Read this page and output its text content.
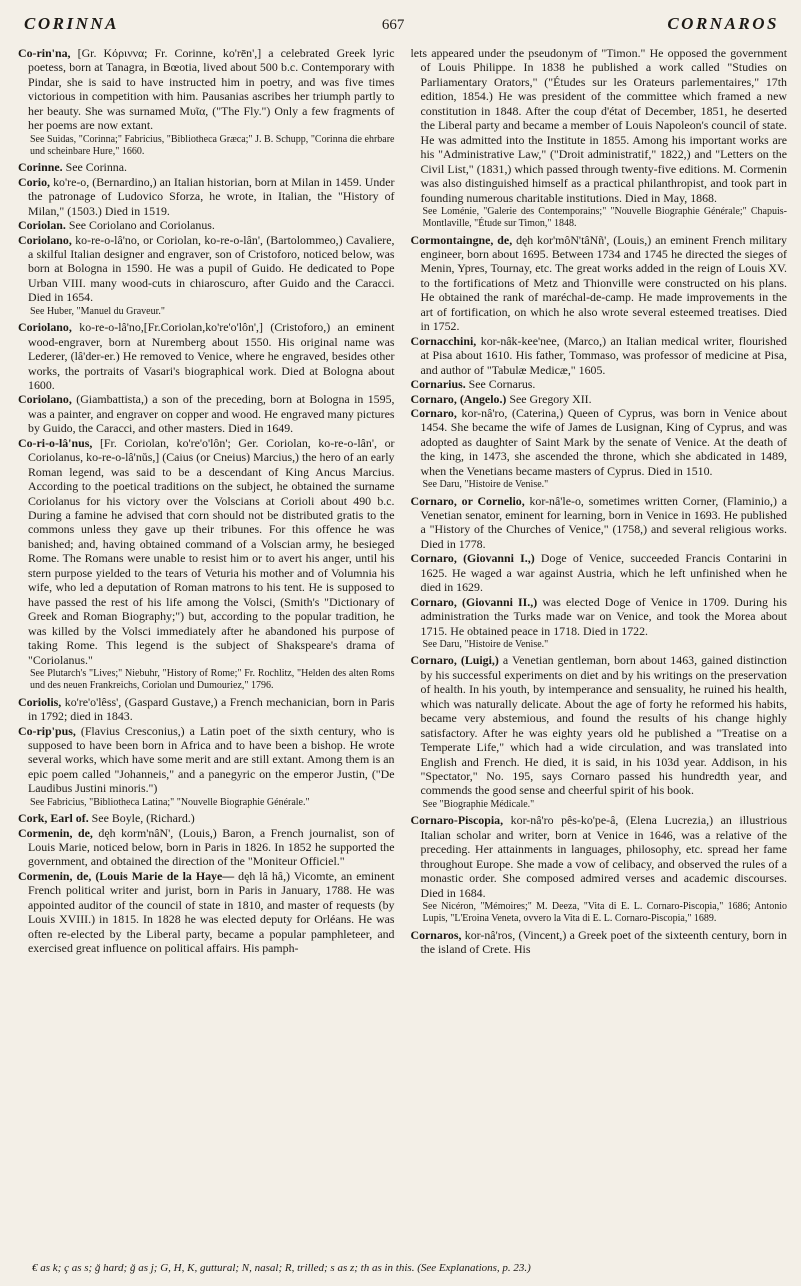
CORINNA	667	CORNAROS

Co-rin'na, [Gr. Κόριννα; Fr. Corinne, ko'rēn',] a celebrated Greek lyric poetess, born at Tanagra, in Bœotia, lived about 500 b.c. Contemporary with Pindar, she is said to have instructed him in poetry, and was five times victorious in competition with him. Pausanias ascribes her triumph partly to her beauty. She was surnamed Μυῖα, ("The Fly.") Only a few fragments of her poems are now extant.

See Suidas, "Corinna;" Fabricius, "Bibliotheca Græca;" J. B. Schupp, "Corinna die ehrbare und scheinbare Hure," 1660.

Corinne. See Corinna.

Corio, ko're-o, (Bernardino,) an Italian historian, born at Milan in 1459. Under the patronage of Ludovico Sforza, he wrote, in Italian, the "History of Milan," (1503.) Died in 1519.

Coriolan. See Coriolano and Coriolanus.

Coriolano, ko-re-o-lâ'no, or Coriolan, ko-re-o-lân', (Bartolommeo,) Cavaliere, a skilful Italian designer and engraver, son of Cristoforo, noticed below, was born at Bologna in 1590. He was a pupil of Guido. He dedicated to Pope Urban VIII. many wood-cuts in chiaroscuro, after Guido and the Caracci. Died in 1654.

See Huber, "Manuel du Graveur."

Coriolano, ko-re-o-lâ'no,[Fr.Coriolan,ko're'o'lôn',] (Cristoforo,) an eminent wood-engraver, born at Nuremberg about 1550. His original name was Lederer, (lâ'der-er.) He removed to Venice, where he engraved, besides other works, the portraits of Vasari's biographical work. Died at Bologna about 1600.

Coriolano, (Giambattista,) a son of the preceding, born at Bologna in 1595, was a painter, and engraver on copper and wood. He engraved many pictures by Guido, the Caracci, and other masters. Died in 1649.

Co-ri-o-lâ'nus, [Fr. Coriolan, ko're'o'lôn'; Ger. Coriolan, ko-re-o-lân', or Coriolanus, ko-re-o-lâ'nŭs,] (Caius (or Cneius) Marcius,) the hero of an early Roman legend, was said to be a descendant of King Ancus Marcius. According to the poetical traditions on the subject, he obtained the surname Coriolanus for his victory over the Volscians at Corioli about 490 b.c. During a famine he advised that corn should not be distributed gratis to the commons unless they gave up their tribunes. For this offence he was banished; and, having obtained command of a Volscian army, he besieged Rome. The Romans were unable to resist him or to avert his anger, until his stern purpose yielded to the tears of Veturia his mother and of Volumnia his wife, who led a deputation of Roman matrons to his tent. He is supposed to have passed the rest of his life among the Volsci, (Smith's "Dictionary of Greek and Roman Biography;") but, according to the popular tradition, he was killed by the Volsci immediately after he abandoned his purpose of taking Rome. This legend is the subject of Shakspeare's drama of "Coriolanus."

See Plutarch's "Lives;" Niebuhr, "History of Rome;" Fr. Rochlitz, "Helden des alten Roms und des neuen Frankreichs, Coriolan und Dumouriez," 1796.

Coriolis, ko're'o'lêss', (Gaspard Gustave,) a French mechanician, born in Paris in 1792; died in 1843.

Co-rip'pus, (Flavius Cresconius,) a Latin poet of the sixth century, who is supposed to have been born in Africa and to have been a bishop. He wrote several works, which have some merit and are still extant. Among them is an epic poem called "Johanneis," and a panegyric on the emperor Justin, ("De Laudibus Justini minoris.")

See Fabricius, "Bibliotheca Latina;" "Nouvelle Biographie Générale."

Cork, Earl of. See Boyle, (Richard.)

Cormenin, de, dęh korm'nâN', (Louis,) Baron, a French journalist, son of Louis Marie, noticed below, born in Paris in 1826. In 1852 he supported the government, and obtained the direction of the "Moniteur Officiel."

Cormenin, de, (Louis Marie de la Haye— dęh lâ hâ,) Vicomte, an eminent French political writer and jurist, born in Paris in January, 1788. He was appointed auditor of the council of state in 1810, and master of requests (by Louis XVIII.) in 1815. In 1828 he was elected deputy for Orléans. He was often re-elected by the Liberal party, became a popular pamphleteer, and exercised great influence on political affairs. His pamph-

lets appeared under the pseudonym of "Timon." He opposed the government of Louis Philippe. In 1838 he published a work called "Studies on Parliamentary Orators," ("Études sur les Orateurs parlementaires," 17th edition, 1854.) He was president of the committee which framed a new constitution in 1848. After the coup d'état of December, 1851, he deserted the Liberal party and became a member of Louis Napoleon's council of state. He was admitted into the Institute in 1855. Among his important works are his "Administrative Law," ("Droit administratif," 1822,) and "Letters on the Civil List," (1831,) which passed through twenty-five editions. M. Cormenin was also distinguished himself as a practical philanthropist, and took part in founding numerous charitable institutions. Died in May, 1868.

See Loménie, "Galerie des Contemporains;" "Nouvelle Biographie Générale;" Chapuis-Montlaville, "Étude sur Timon," 1848.

Cormontaingne, de, dęh kor'môN'tâNñ', (Louis,) an eminent French military engineer, born about 1695. Between 1734 and 1745 he directed the sieges of Menin, Ypres, Tournay, etc. The great works added in the reign of Louis XV. to the fortifications of Metz and Thionville were constructed on his plans. He obtained the rank of maréchal-de-camp. He made improvements in the art of fortification, on which he also wrote several esteemed treatises. Died in 1752.

Cornacchini, kor-nâk-kee'nee, (Marco,) an Italian medical writer, flourished at Pisa about 1610. His father, Tommaso, was professor of medicine at Pisa, and author of "Tabulæ Medicæ," 1605.

Cornarius. See Cornarus.

Cornaro, (Angelo.) See Gregory XII.

Cornaro, kor-nâ'ro, (Caterina,) Queen of Cyprus, was born in Venice about 1454. She became the wife of James de Lusignan, King of Cyprus, and was adopted as daughter of Saint Mark by the senate of Venice. At the death of the king, in 1473, she ascended the throne, which she abdicated in 1489, when the Venetians became masters of Cyprus. Died in 1510.

See Daru, "Histoire de Venise."

Cornaro, or Cornelio, kor-nâ'le-o, sometimes written Corner, (Flaminio,) a Venetian senator, eminent for learning, born in Venice in 1693. He published a "History of the Churches of Venice," (1758,) and several religious works. Died in 1778.

Cornaro, (Giovanni I.,) Doge of Venice, succeeded Francis Contarini in 1625. He waged a war against Austria, which he left unfinished when he died in 1629.

Cornaro, (Giovanni II.,) was elected Doge of Venice in 1709. During his administration the Turks made war on Venice, and took the Morea about 1715. He obtained peace in 1718. Died in 1722.

See Daru, "Histoire de Venise."

Cornaro, (Luigi,) a Venetian gentleman, born about 1463, gained distinction by his successful experiments on diet and by his writings on the preservation of health. In his youth, by intemperance and sensuality, he ruined his health, which was naturally delicate. About the age of forty he reformed his habits, became very abstemious, and found the results of his change highly satisfactory. After he was eighty years old he published a "Treatise on a Temperate Life," which had a wide circulation, and was translated into English and French. He died, it is said, in his 103d year. Addison, in his "Spectator," No. 195, says Cornaro passed his hundredth year, and commends the good sense and cheerful spirit of his book.

See "Biographie Médicale."

Cornaro-Piscopia, kor-nâ'ro pês-ko'pe-â, (Elena Lucrezia,) an illustrious Italian scholar and writer, born at Venice in 1646, was a relative of the preceding. Her attainments in languages, philosophy, etc. spread her fame throughout Europe. She made a vow of celibacy, and observed the rules of a monastic order. She composed admired verses and academic discourses. Died in 1684.

See Nicéron, "Mémoires;" M. Deeza, "Vita di E. L. Cornaro-Piscopia," 1686; Antonio Lupis, "L'Eroina Veneta, ovvero la Vita di E. L. Cornaro-Piscopia," 1689.

Cornaros, kor-nâ'ros, (Vincent,) a Greek poet of the sixteenth century, born in the island of Crete. His

€ as k; ç as s; ğ hard; ğ as j; G, H, K, guttural; N, nasal; R, trilled; s as z; th as in this. (See Explanations, p. 23.)
